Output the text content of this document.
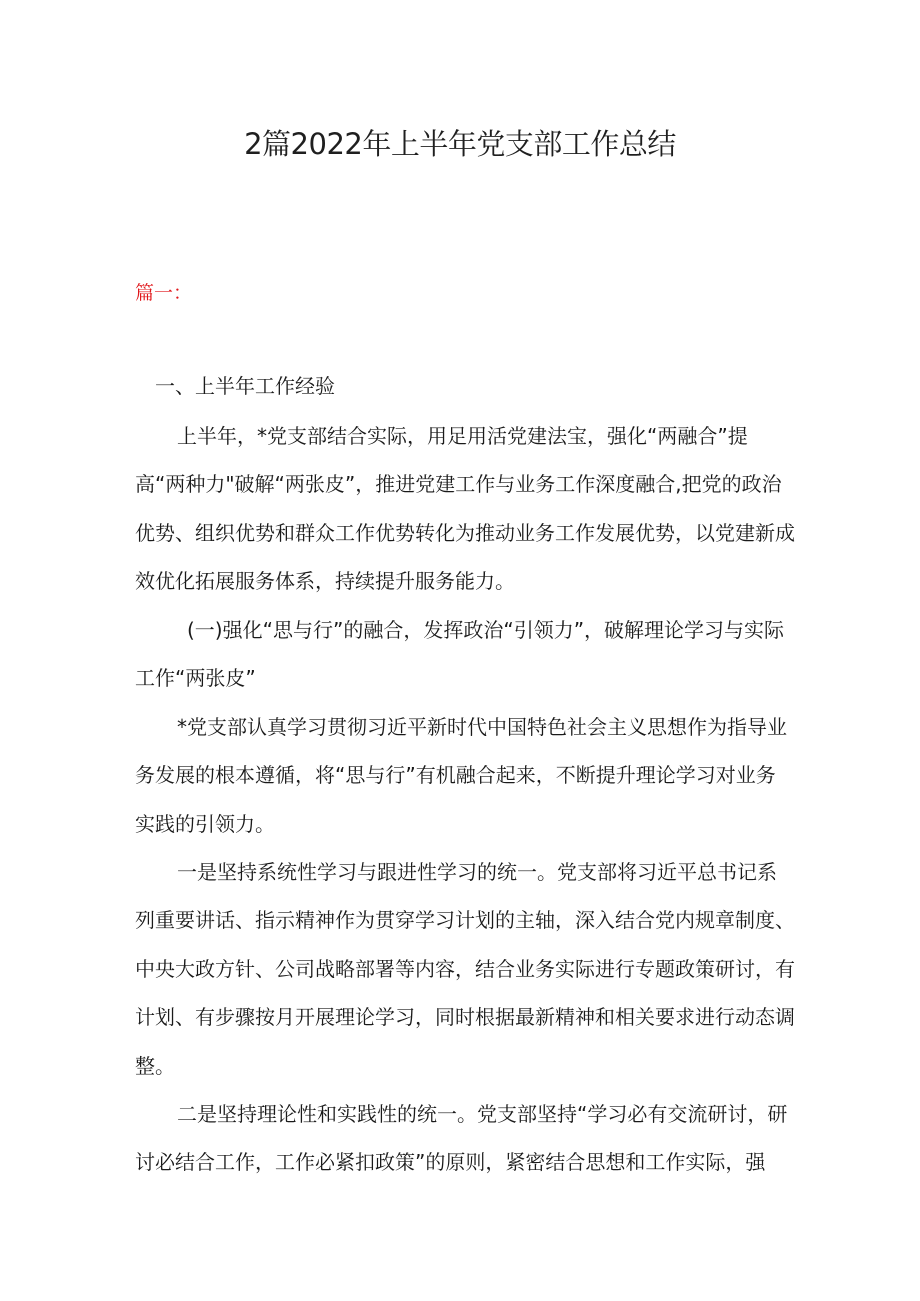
2篇2022年上半年党支部工作总结
篇一：
一、上半年工作经验

上半年，*党支部结合实际，用足用活党建法宝，强化“两融合”提高“两种力"破解“两张皮”，推进党建工作与业务工作深度融合,把党的政治优势、组织优势和群众工作优势转化为推动业务工作发展优势，以党建新成效优化拓展服务体系，持续提升服务能力。

(一)强化“思与行”的融合，发挥政治“引领力”，破解理论学习与实际工作“两张皮”

*党支部认真学习贯彻习近平新时代中国特色社会主义思想作为指导业务发展的根本遵循，将“思与行”有机融合起来，不断提升理论学习对业务实践的引领力。

一是坚持系统性学习与跟进性学习的统一。党支部将习近平总书记系列重要讲话、指示精神作为贯穿学习计划的主轴，深入结合党内规章制度、中央大政方针、公司战略部署等内容，结合业务实际进行专题政策研讨，有计划、有步骤按月开展理论学习，同时根据最新精神和相关要求进行动态调整。

二是坚持理论性和实践性的统一。党支部坚持“学习必有交流研讨，研讨必结合工作，工作必紧扣政策”的原则，紧密结合思想和工作实际，强
